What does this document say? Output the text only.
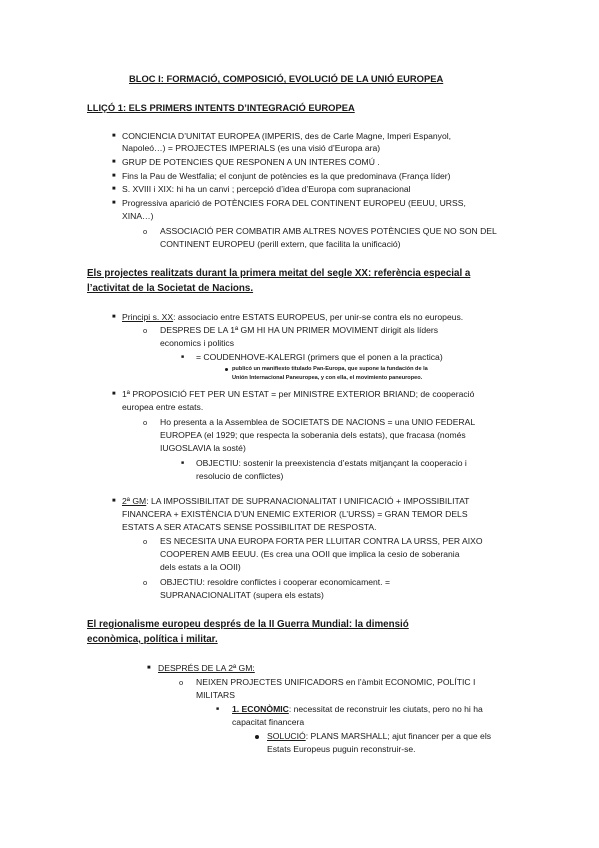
BLOC I: FORMACIÓ, COMPOSICIÓ, EVOLUCIÓ DE LA UNIÓ EUROPEA
LLIÇÓ 1: ELS PRIMERS INTENTS D’INTEGRACIÓ EUROPEA
■ CONCIENCIA D’UNITAT EUROPEA (IMPERIS, des de Carle Magne, Imperi Espanyol,
Napoleó…) = PROJECTES IMPERIALS (es una visió d’Europa ara)
■ GRUP DE POTENCIES QUE RESPONEN A UN INTERES COMÚ .
■ Fins la Pau de Westfalia; el conjunt de potències es la que predominava (França líder)
■ S. XVIII i XIX: hi ha un canvi ; percepció d’idea d’Europa com supranacional
■ Progressiva aparició de POTÈNCIES FORA DEL CONTINENT EUROPEU (EEUU, URSS,
XINA…)
o ASSOCIACIÓ PER COMBATIR AMB ALTRES NOVES POTÈNCIES QUE NO SON DEL
CONTINENT EUROPEU (perill extern, que facilita la unificació)
Els projectes realitzats durant la primera meitat del segle XX: referència especial a
l’activitat de la Societat de Nacions.
■ Principi s. XX: associacio entre ESTATS EUROPEUS, per unir-se contra els no europeus.
o DESPRES DE LA 1ª GM HI HA UN PRIMER MOVIMENT dirigit als líders
economics i politics
■ = COUDENHOVE-KALERGI (primers que el ponen a la practica)
publicó un manifiesto titulado Pan-Europa, que supone la fundación de la
Unión Internacional Paneuropea, y con ella, el movimiento paneuropeo.
■ 1ª PROPOSICIÓ FET PER UN ESTAT = per MINISTRE EXTERIOR BRIAND; de cooperació
europea entre estats.
o Ho presenta a la Assemblea de SOCIETATS DE NACIONS = una UNIO FEDERAL
EUROPEA (el 1929; que respecta la soberania dels estats), que fracasa (només
IUGOSLAVIA la sosté)
■ OBJECTIU: sostenir la preexistencia d’estats mitjançant la cooperacio i
resolucio de conflictes)
■ 2ª GM: LA IMPOSSIBILITAT DE SUPRANACIONALITAT I UNIFICACIÓ + IMPOSSIBILITAT
FINANCERA + EXISTÈNCIA D’UN ENEMIC EXTERIOR (L’URSS) = GRAN TEMOR DELS
ESTATS A SER ATACATS SENSE POSSIBILITAT DE RESPOSTA.
o ES NECESITA UNA EUROPA FORTA PER LLUITAR CONTRA LA URSS, PER AIXO
COOPEREN AMB EEUU. (Es crea una OOII que implica la cesio de soberania
dels estats a la OOII)
o OBJECTIU: resoldre conflictes i cooperar economicament. =
SUPRANACIONALITAT (supera els estats)
El regionalisme europeu després de la II Guerra Mundial: la dimensió
econòmica, política i militar.
■ DESPRÉS DE LA 2ª GM:
o NEIXEN PROJECTES UNIFICADORS en l’àmbit ECONOMIC, POLÍTIC I
MILITARS
■ 1. ECONÒMIC: necessitat de reconstruir les ciutats, pero no hi ha
capacitat financera
SOLUCIÓ: PLANS MARSHALL; ajut financer per a que els
Estats Europeus puguin reconstruir-se.
